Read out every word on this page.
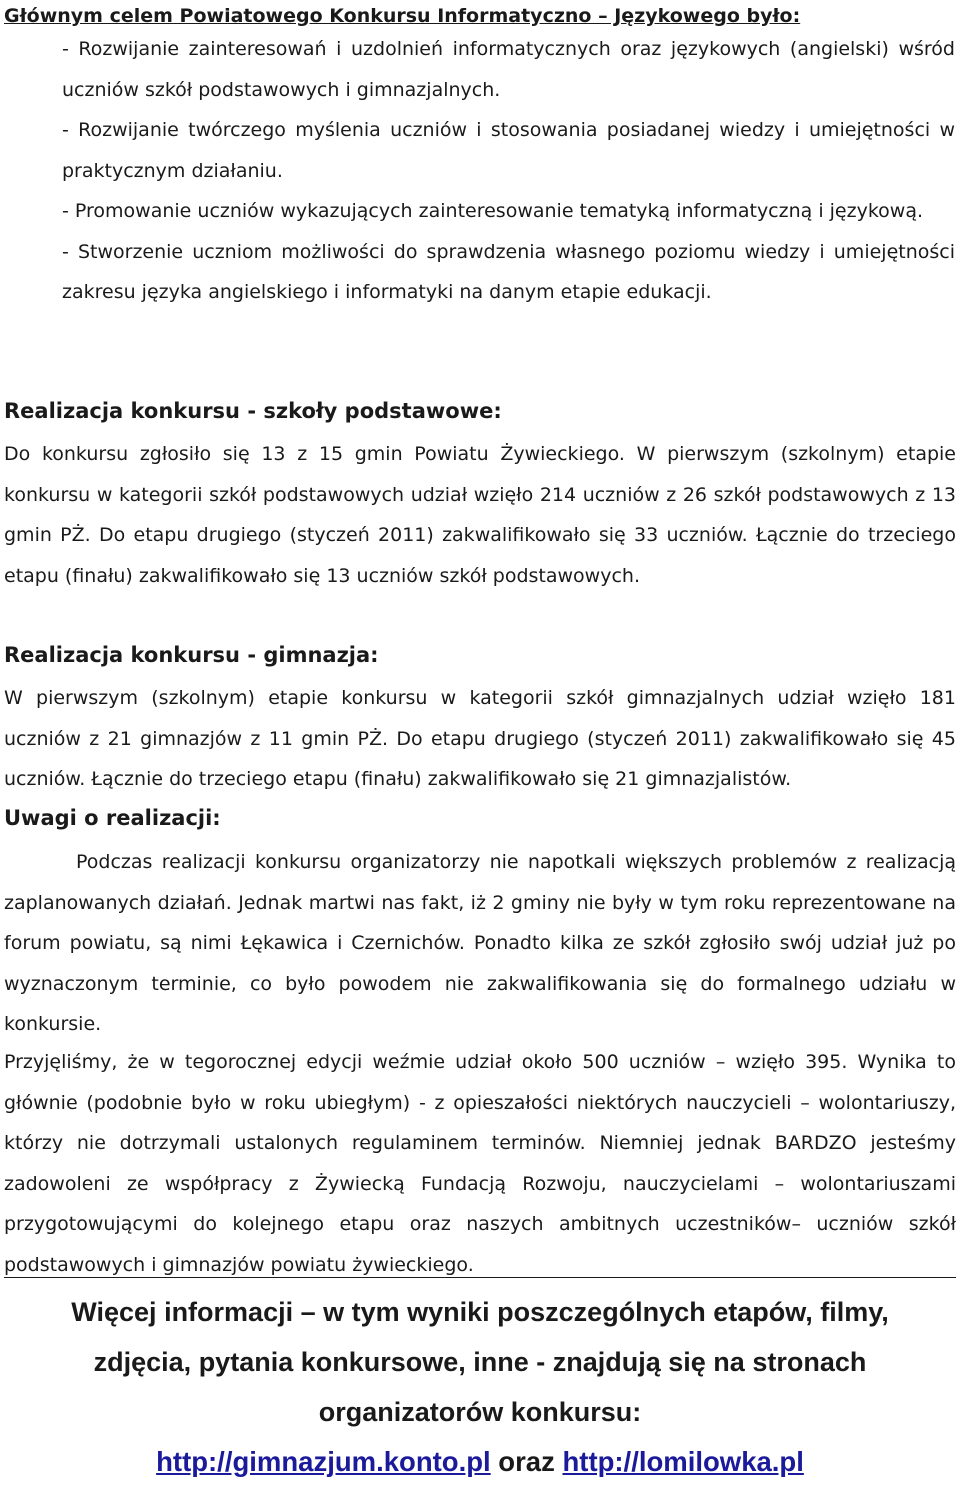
Głównym celem Powiatowego Konkursu Informatyczno – Językowego było:

- Rozwijanie zainteresowań i uzdolnień informatycznych oraz językowych (angielski) wśród uczniów szkół podstawowych i gimnazjalnych.

- Rozwijanie twórczego myślenia uczniów i stosowania posiadanej wiedzy i umiejętności w praktycznym działaniu.

- Promowanie uczniów wykazujących zainteresowanie tematyką informatyczną i językową.

- Stworzenie uczniom możliwości do sprawdzenia własnego poziomu wiedzy i umiejętności zakresu języka angielskiego i informatyki na danym etapie edukacji.

Realizacja konkursu - szkoły podstawowe:

Do konkursu zgłosiło się 13 z 15 gmin Powiatu Żywieckiego. W pierwszym (szkolnym) etapie konkursu w kategorii szkół podstawowych udział wzięło 214 uczniów z 26 szkół podstawowych z 13 gmin PŻ. Do etapu drugiego (styczeń 2011) zakwalifikowało się 33 uczniów. Łącznie do trzeciego etapu (finału) zakwalifikowało się 13 uczniów szkół podstawowych.

Realizacja konkursu - gimnazja:

W pierwszym (szkolnym) etapie konkursu w kategorii szkół gimnazjalnych udział wzięło 181 uczniów z 21 gimnazjów z 11 gmin PŻ. Do etapu drugiego (styczeń 2011) zakwalifikowało się 45 uczniów. Łącznie do trzeciego etapu (finału) zakwalifikowało się 21 gimnazjalistów.

Uwagi o realizacji:

Podczas realizacji konkursu organizatorzy nie napotkali większych problemów z realizacją zaplanowanych działań. Jednak martwi nas fakt, iż 2 gminy nie były w tym roku reprezentowane na forum powiatu, są nimi Łękawica i Czernichów. Ponadto kilka ze szkół zgłosiło swój udział już po wyznaczonym terminie, co było powodem nie zakwalifikowania się do formalnego udziału w konkursie.

Przyjęliśmy, że w tegorocznej edycji weźmie udział około 500 uczniów – wzięło 395. Wynika to głównie (podobnie było w roku ubiegłym) - z opieszałości niektórych nauczycieli – wolontariuszy, którzy nie dotrzymali ustalonych regulaminem terminów. Niemniej jednak BARDZO jesteśmy zadowoleni ze współpracy z Żywiecką Fundacją Rozwoju, nauczycielami – wolontariuszami przygotowującymi do kolejnego etapu oraz naszych ambitnych uczestników– uczniów szkół podstawowych i gimnazjów powiatu żywieckiego.

Więcej informacji – w tym wyniki poszczególnych etapów, filmy,
zdjęcia, pytania konkursowe, inne - znajdują się na stronach
organizatorów konkursu:
http://gimnazjum.konto.pl oraz http://lomilowka.pl
